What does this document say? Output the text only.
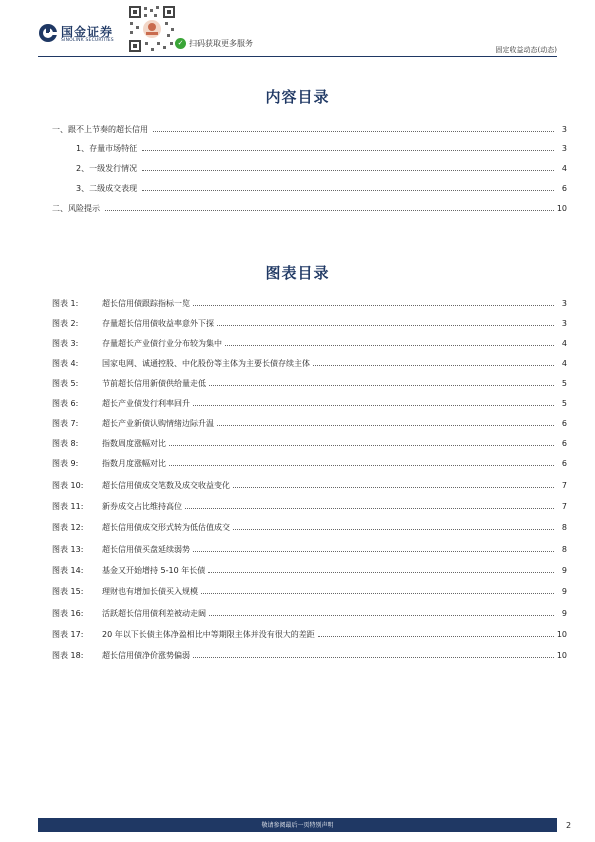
国金证券
SINOLINK SECURITIES	✓ 扫码获取更多服务
固定收益动态(动态)
内容目录
一、跟不上节奏的超长信用	3
1、存量市场特征	3
2、一级发行情况	4
3、二级成交表现	6
二、风险提示	10
图表目录
图表 1:	超长信用债跟踪指标一览	3
图表 2:	存量超长信用债收益率意外下探	3
图表 3:	存量超长产业债行业分布较为集中	4
图表 4:	国家电网、诚通控股、中化股份等主体为主要长债存续主体	4
图表 5:	节前超长信用新债供给量走低	5
图表 6:	超长产业债发行利率回升	5
图表 7:	超长产业新债认购情绪边际升温	6
图表 8:	指数周度涨幅对比	6
图表 9:	指数月度涨幅对比	6
图表 10:	超长信用债成交笔数及成交收益变化	7
图表 11:	新券成交占比维持高位	7
图表 12:	超长信用债成交形式转为低估值成交	8
图表 13:	超长信用债买盘延续弱势	8
图表 14:	基金又开始增持 5-10 年长债	9
图表 15:	理财也有增加长债买入规模	9
图表 16:	活跃超长信用债利差被动走阔	9
图表 17:	20 年以下长债主体净盈相比中等期限主体并没有很大的差距	10
图表 18:	超长信用债净价涨势偏弱	10
敬请参阅最后一页特别声明	2
